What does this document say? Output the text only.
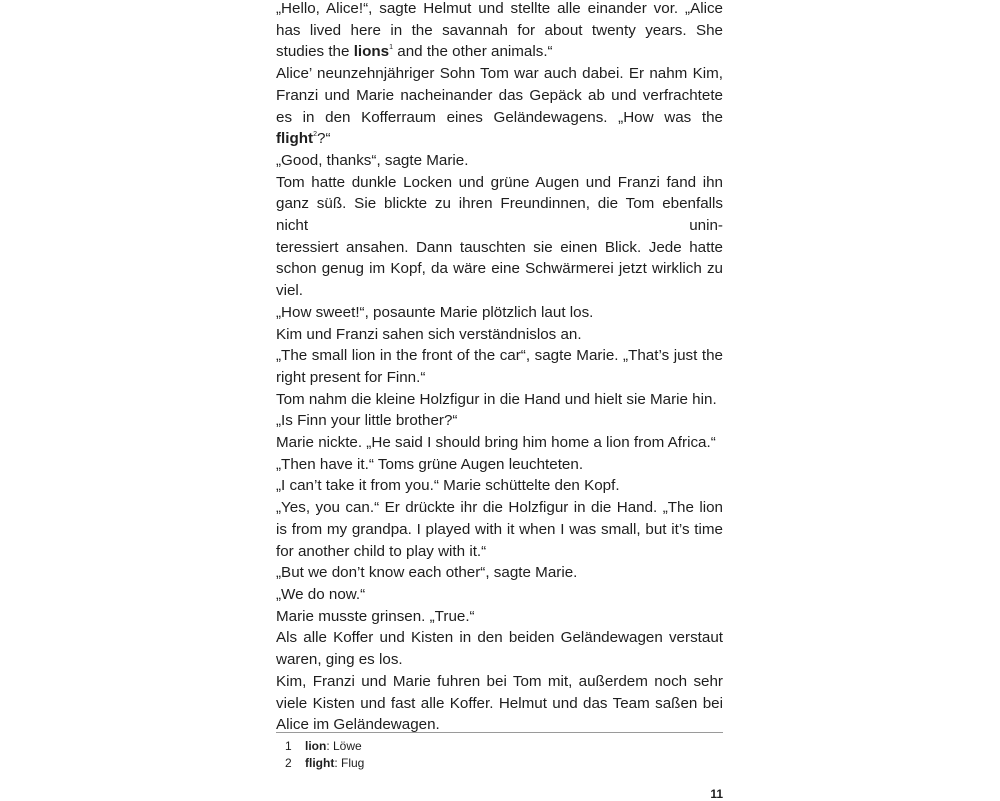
„Hello, Alice!“, sagte Helmut und stellte alle einander vor. „Alice has lived here in the savannah for about twenty years. She studies the lions$^1$ and the other animals.“

Alice’ neunzehnjähriger Sohn Tom war auch dabei. Er nahm Kim, Franzi und Marie nacheinander das Gepäck ab und verfrachtete es in den Kofferraum eines Geländewagens. „How was the flight$^2$?“

„Good, thanks“, sagte Marie.

Tom hatte dunkle Locken und grüne Augen und Franzi fand ihn ganz süß. Sie blickte zu ihren Freundinnen, die Tom ebenfalls nicht unin-
teressiert ansahen. Dann tauschten sie einen Blick. Jede hatte schon genug im Kopf, da wäre eine Schwärmerei jetzt wirklich zu viel.

„How sweet!“, posaunte Marie plötzlich laut los.

Kim und Franzi sahen sich verständnislos an.

„The small lion in the front of the car“, sagte Marie. „That’s just the right present for Finn.“

Tom nahm die kleine Holzfigur in die Hand und hielt sie Marie hin.

„Is Finn your little brother?“

Marie nickte. „He said I should bring him home a lion from Africa.“

„Then have it.“ Toms grüne Augen leuchteten.

„I can’t take it from you.“ Marie schüttelte den Kopf.

„Yes, you can.“ Er drückte ihr die Holzfigur in die Hand. „The lion is from my grandpa. I played with it when I was small, but it’s time for another child to play with it.“

„But we don’t know each other“, sagte Marie.

„We do now.“

Marie musste grinsen. „True.“

Als alle Koffer und Kisten in den beiden Geländewagen verstaut waren, ging es los.

Kim, Franzi und Marie fuhren bei Tom mit, außerdem noch sehr viele Kisten und fast alle Koffer. Helmut und das Team saßen bei Alice im Geländewagen.

1	lion: Löwe
2	flight: Flug
11
